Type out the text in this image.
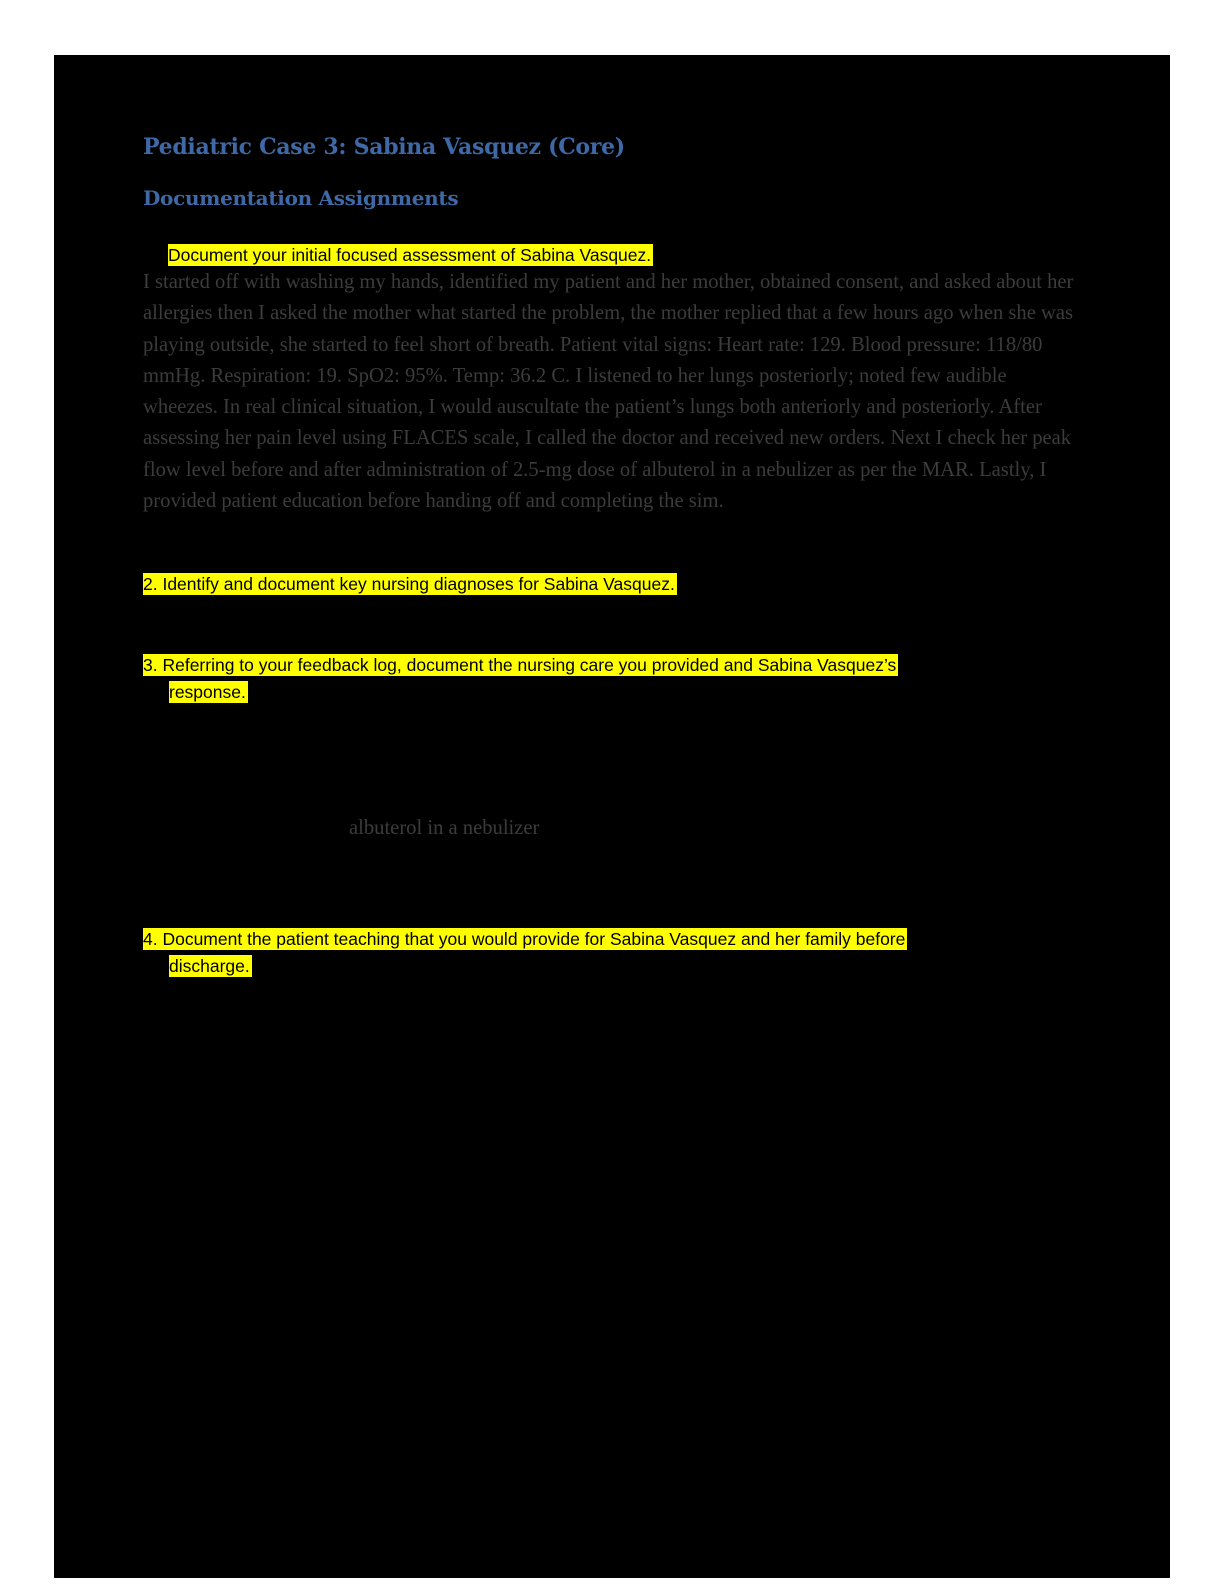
Pediatric Case 3: Sabina Vasquez (Core)
Documentation Assignments
Document your initial focused assessment of Sabina Vasquez.

I started off with washing my hands, identified my patient and her mother, obtained consent, and asked about her allergies then I asked the mother what started the problem, the mother replied that a few hours ago when she was playing outside, she started to feel short of breath. Patient vital signs: Heart rate: 129. Blood pressure: 118/80 mmHg. Respiration: 19. SpO2: 95%. Temp: 36.2 C. I listened to her lungs posteriorly; noted few audible wheezes. In real clinical situation, I would auscultate the patient’s lungs both anteriorly and posteriorly. After assessing her pain level using FLACES scale, I called the doctor and received new orders. Next I check her peak flow level before and after administration of 2.5-mg dose of albuterol in a nebulizer as per the MAR. Lastly, I provided patient education before handing off and completing the sim.

2. Identify and document key nursing diagnoses for Sabina Vasquez.
3. Referring to your feedback log, document the nursing care you provided and Sabina Vasquez’s
response.
albuterol in a nebulizer
4. Document the patient teaching that you would provide for Sabina Vasquez and her family before
discharge.
